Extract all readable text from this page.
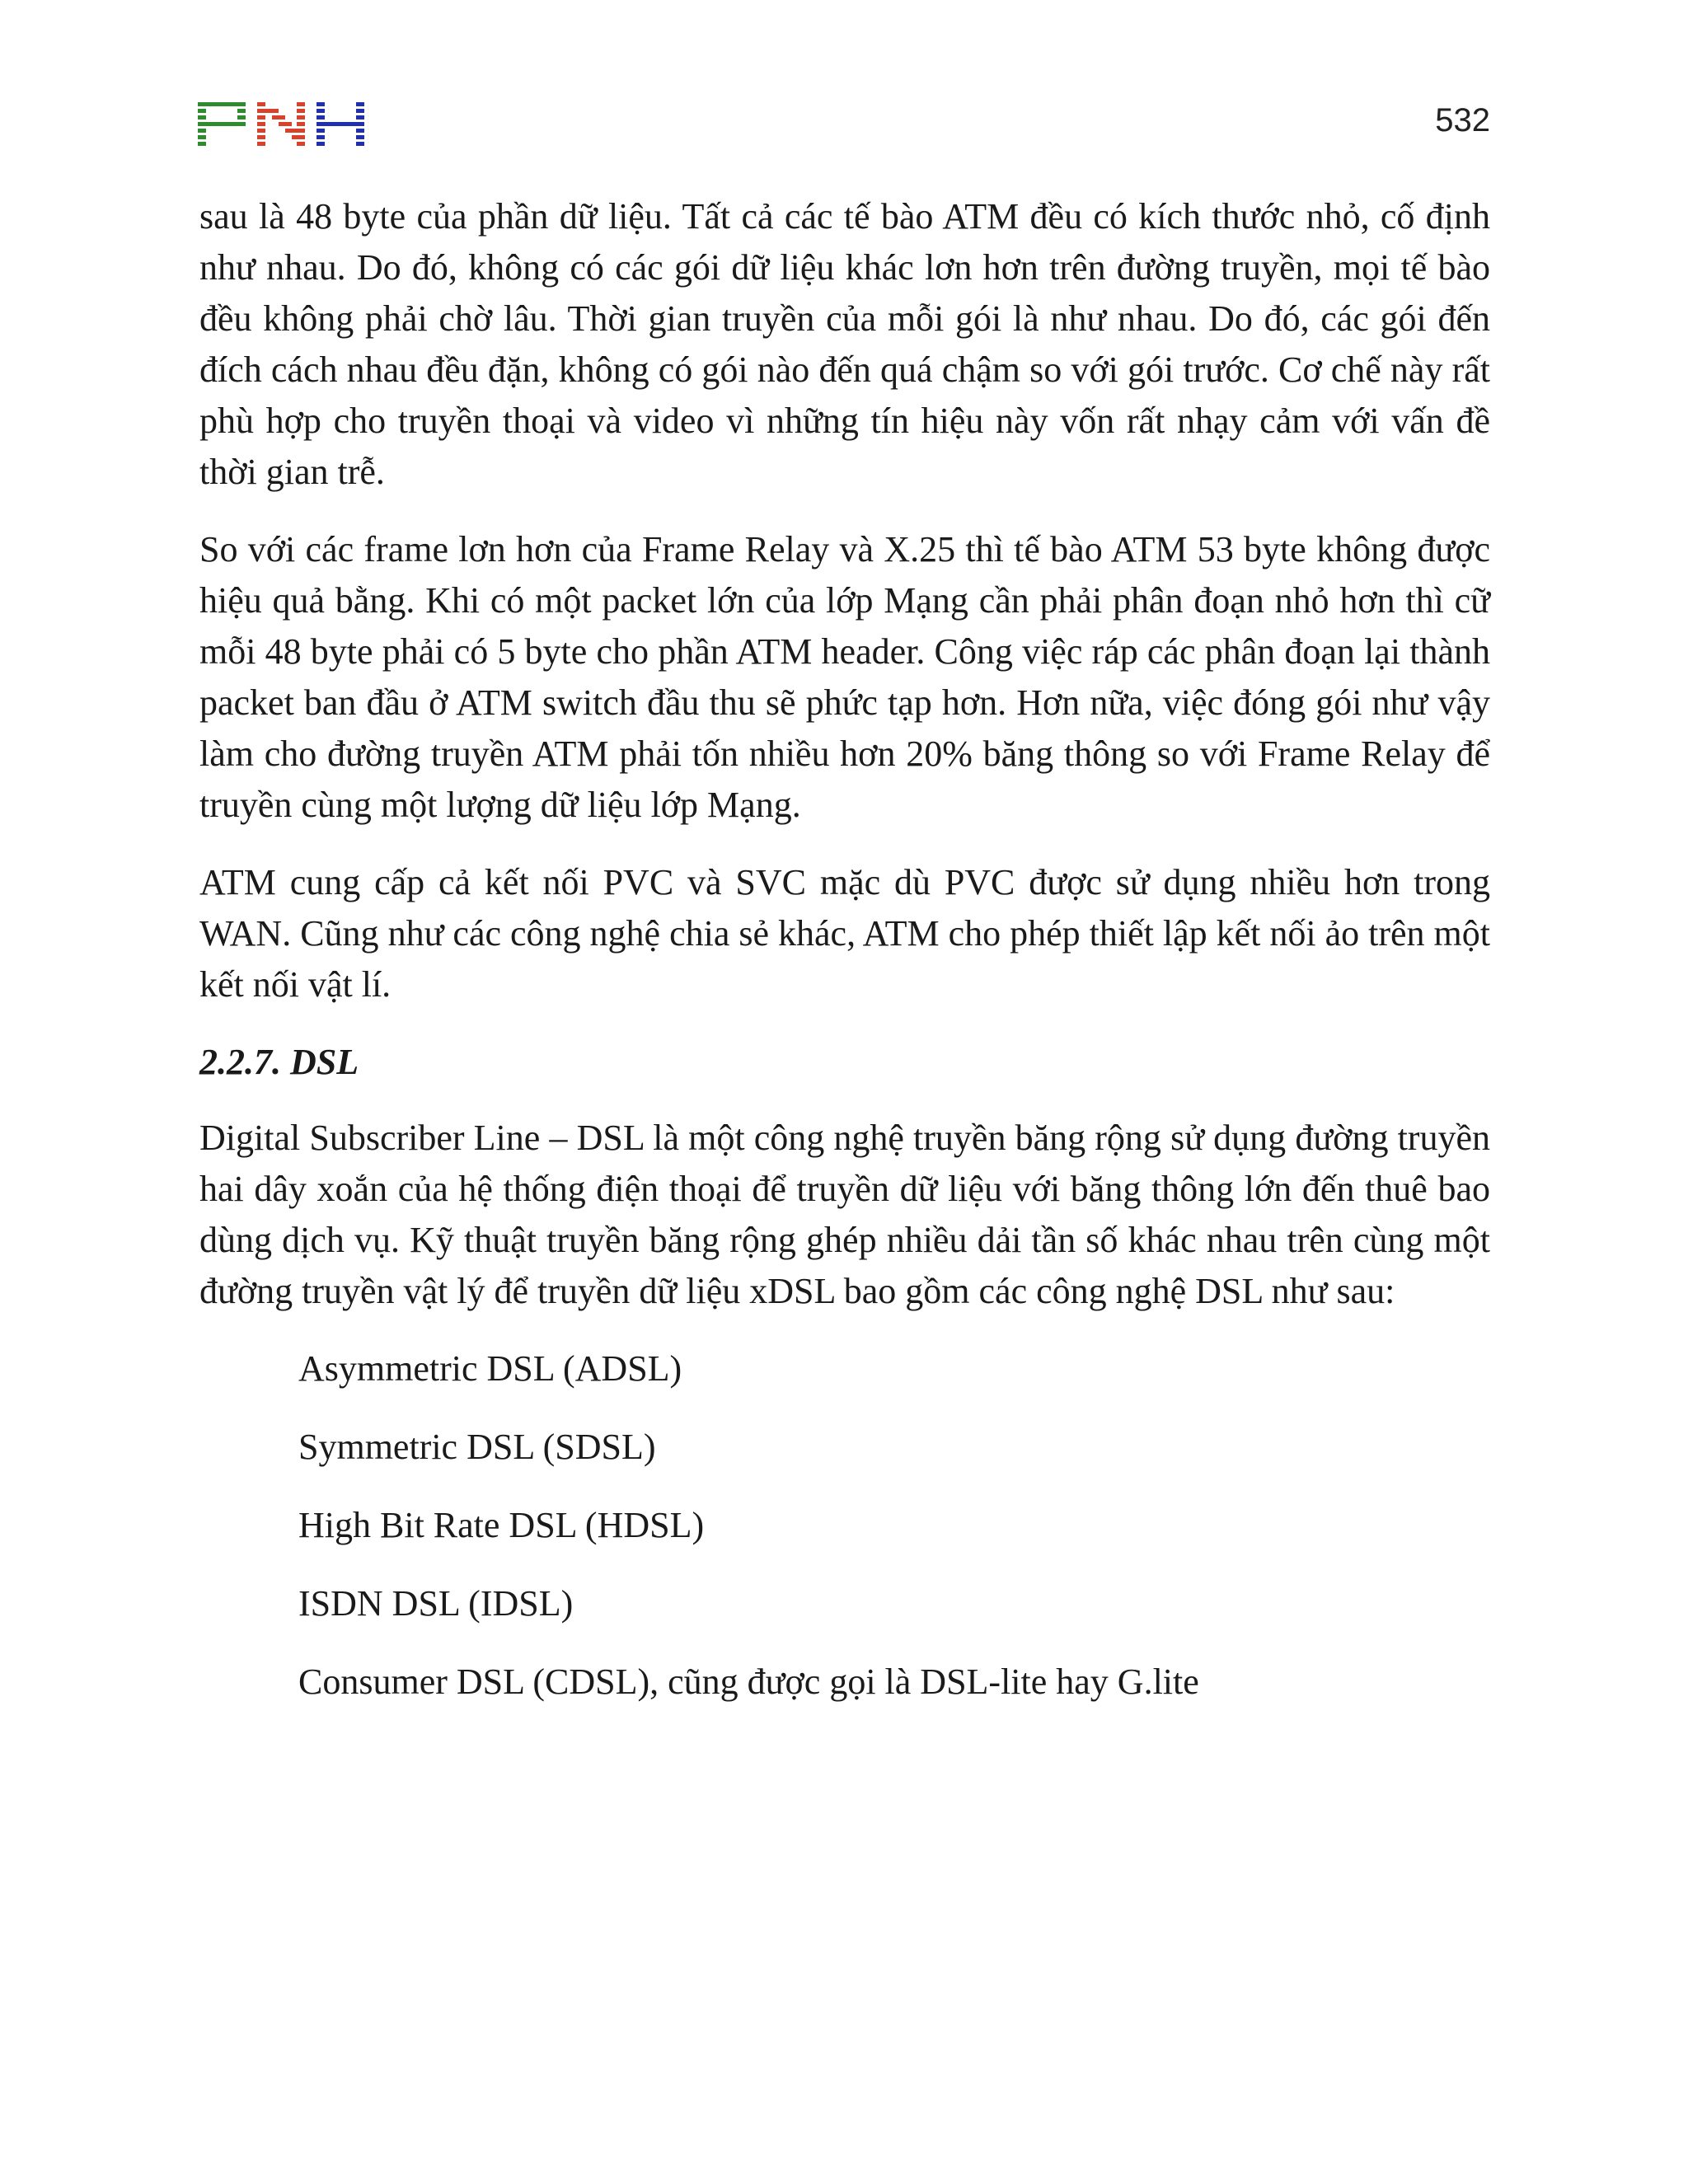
532

sau là 48 byte của phần dữ liệu. Tất cả các tế bào ATM đều có kích thước nhỏ, cố định như nhau. Do đó, không có các gói dữ liệu khác lơn hơn trên đường truyền, mọi tế bào đều không phải chờ lâu. Thời gian truyền của mỗi gói là như nhau. Do đó, các gói đến đích cách nhau đều đặn, không có gói nào đến quá chậm so với gói trước. Cơ chế này rất phù hợp cho truyền thoại và video vì những tín hiệu này vốn rất nhạy cảm với vấn đề thời gian trễ.

So với các frame lơn hơn của Frame Relay và X.25 thì tế bào ATM 53 byte không được hiệu quả bằng. Khi có một packet lớn của lớp Mạng cần phải phân đoạn nhỏ hơn thì cữ mỗi 48 byte phải có 5 byte cho phần ATM header. Công việc ráp các phân đoạn lại thành packet ban đầu ở ATM switch đầu thu sẽ phức tạp hơn. Hơn nữa, việc đóng gói như vậy làm cho đường truyền ATM phải tốn nhiều hơn 20% băng thông so với Frame Relay để truyền cùng một lượng dữ liệu lớp Mạng.

ATM cung cấp cả kết nối PVC và SVC mặc dù PVC được sử dụng nhiều hơn trong WAN. Cũng như các công nghệ chia sẻ khác, ATM cho phép thiết lập kết nối ảo trên một kết nối vật lí.

2.2.7. DSL

Digital Subscriber Line – DSL là một công nghệ truyền băng rộng sử dụng đường truyền hai dây xoắn của hệ thống điện thoại để truyền dữ liệu với băng thông lớn đến thuê bao dùng dịch vụ. Kỹ thuật truyền băng rộng ghép nhiều dải tần số khác nhau trên cùng một đường truyền vật lý để truyền dữ liệu xDSL bao gồm các công nghệ DSL như sau:

Asymmetric DSL (ADSL)
Symmetric DSL (SDSL)
High Bit Rate DSL (HDSL)
ISDN DSL (IDSL)
Consumer DSL (CDSL), cũng được gọi là DSL-lite hay G.lite
